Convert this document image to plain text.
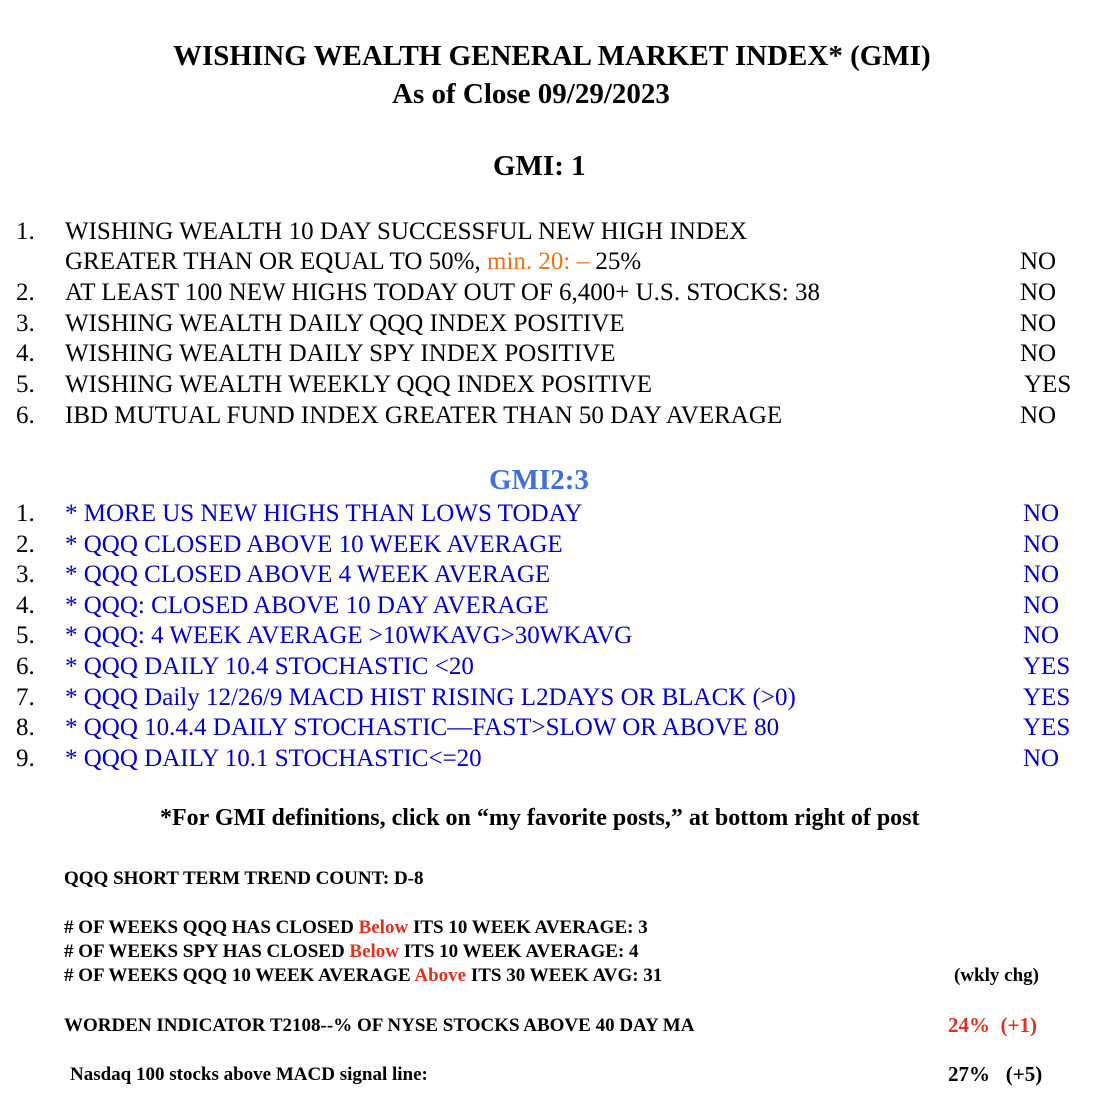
WISHING WEALTH GENERAL MARKET INDEX* (GMI)
As of Close 09/29/2023
GMI: 1
1. WISHING WEALTH 10 DAY SUCCESSFUL NEW HIGH INDEX
GREATER THAN OR EQUAL TO 50%, min. 20: – 25%	NO
2. AT LEAST 100 NEW HIGHS TODAY OUT OF 6,400+ U.S. STOCKS: 38	NO
3. WISHING WEALTH DAILY QQQ INDEX POSITIVE	NO
4. WISHING WEALTH DAILY SPY INDEX POSITIVE	NO
5. WISHING WEALTH WEEKLY QQQ INDEX POSITIVE	YES
6. IBD MUTUAL FUND INDEX GREATER THAN 50 DAY AVERAGE	NO
GMI2:3
1. * MORE US NEW HIGHS THAN LOWS TODAY	NO
2. * QQQ CLOSED ABOVE 10 WEEK AVERAGE	NO
3. * QQQ CLOSED ABOVE 4 WEEK AVERAGE	NO
4. * QQQ: CLOSED ABOVE 10 DAY AVERAGE	NO
5. * QQQ: 4 WEEK AVERAGE >10WKAVG>30WKAVG	NO
6. * QQQ DAILY 10.4 STOCHASTIC <20	YES
7. * QQQ Daily 12/26/9 MACD HIST RISING L2DAYS OR BLACK (>0)	YES
8. * QQQ 10.4.4 DAILY STOCHASTIC—FAST>SLOW OR ABOVE 80	YES
9. * QQQ DAILY 10.1 STOCHASTIC<=20	NO
*For GMI definitions, click on “my favorite posts,” at bottom right of post
QQQ SHORT TERM TREND COUNT: D-8
# OF WEEKS QQQ HAS CLOSED Below ITS 10 WEEK AVERAGE: 3
# OF WEEKS SPY HAS CLOSED Below ITS 10 WEEK AVERAGE: 4
# OF WEEKS QQQ 10 WEEK AVERAGE Above ITS 30 WEEK AVG: 31	(wkly chg)
WORDEN INDICATOR T2108--% OF NYSE STOCKS ABOVE 40 DAY MA	24% (+1)
Nasdaq 100 stocks above MACD signal line:	27% (+5)
